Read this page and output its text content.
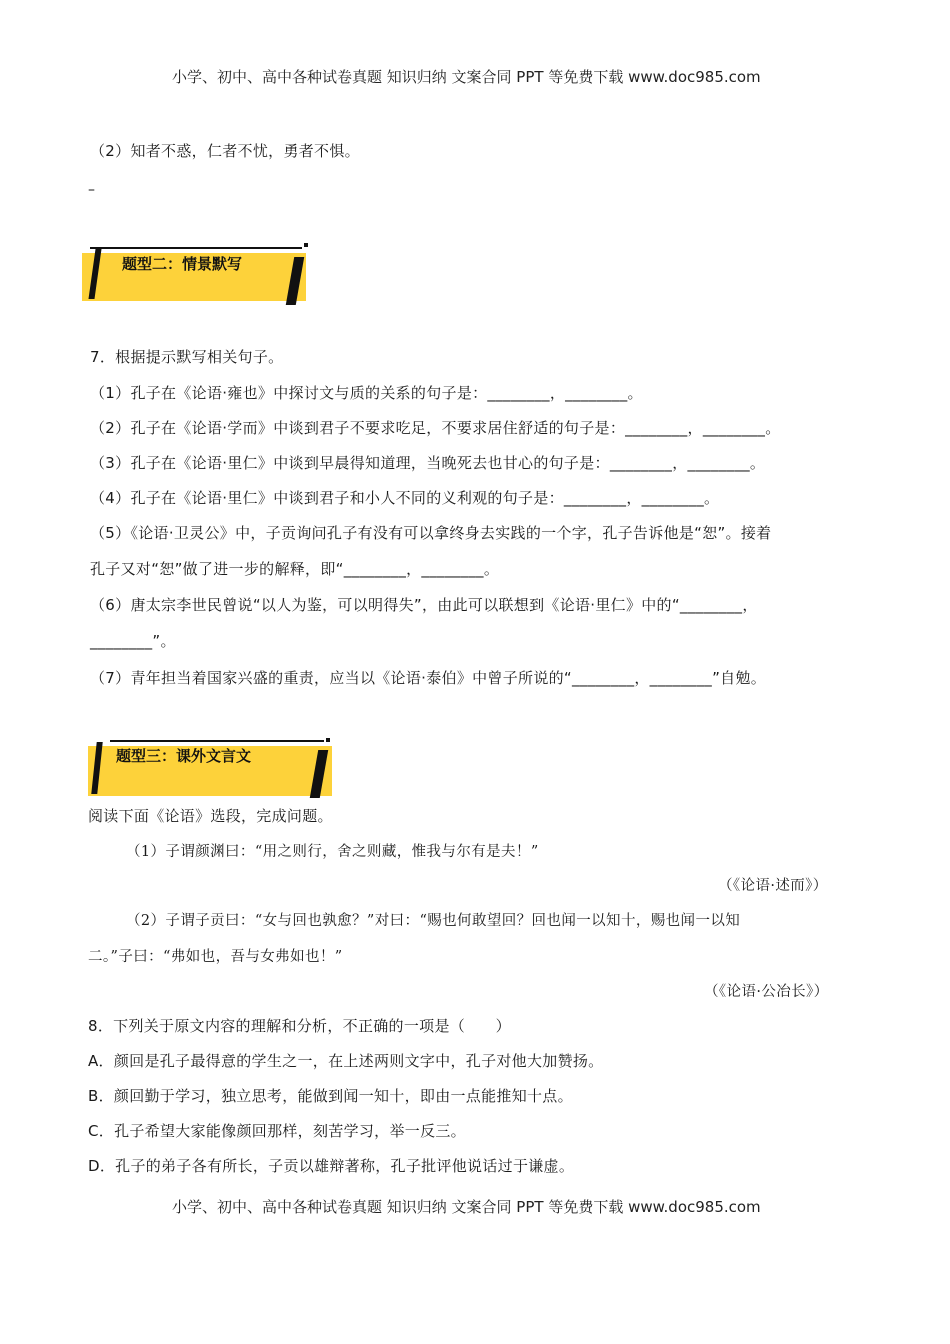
小学、初中、高中各种试卷真题 知识归纳 文案合同 PPT 等免费下载 www.doc985.com
（2）知者不惑，仁者不忧，勇者不惧。
–
题型二：情景默写
7．根据提示默写相关句子。
（1）孔子在《论语·雍也》中探讨文与质的关系的句子是：________，________。
（2）孔子在《论语·学而》中谈到君子不要求吃足，不要求居住舒适的句子是：________，________。
（3）孔子在《论语·里仁》中谈到早晨得知道理，当晚死去也甘心的句子是：________，________。
（4）孔子在《论语·里仁》中谈到君子和小人不同的义利观的句子是：________，________。
（5）《论语·卫灵公》中，子贡询问孔子有没有可以拿终身去实践的一个字，孔子告诉他是“恕”。接着
孔子又对“恕”做了进一步的解释，即“________，________。
（6）唐太宗李世民曾说“以人为鉴，可以明得失”，由此可以联想到《论语·里仁》中的“________，
________”。
（7）青年担当着国家兴盛的重责，应当以《论语·泰伯》中曾子所说的“________，________”自勉。
题型三：课外文言文
阅读下面《论语》选段，完成问题。
（1）子谓颜渊曰：“用之则行，舍之则藏，惟我与尔有是夫！”
（《论语·述而》）
（2）子谓子贡曰：“女与回也孰愈？”对曰：“赐也何敢望回？回也闻一以知十，赐也闻一以知
二。”子曰：“弗如也，吾与女弗如也！”
（《论语·公冶长》）
8．下列关于原文内容的理解和分析，不正确的一项是（　　）
A．颜回是孔子最得意的学生之一，在上述两则文字中，孔子对他大加赞扬。
B．颜回勤于学习，独立思考，能做到闻一知十，即由一点能推知十点。
C．孔子希望大家能像颜回那样，刻苦学习，举一反三。
D．孔子的弟子各有所长，子贡以雄辩著称，孔子批评他说话过于谦虚。
小学、初中、高中各种试卷真题 知识归纳 文案合同 PPT 等免费下载 www.doc985.com
